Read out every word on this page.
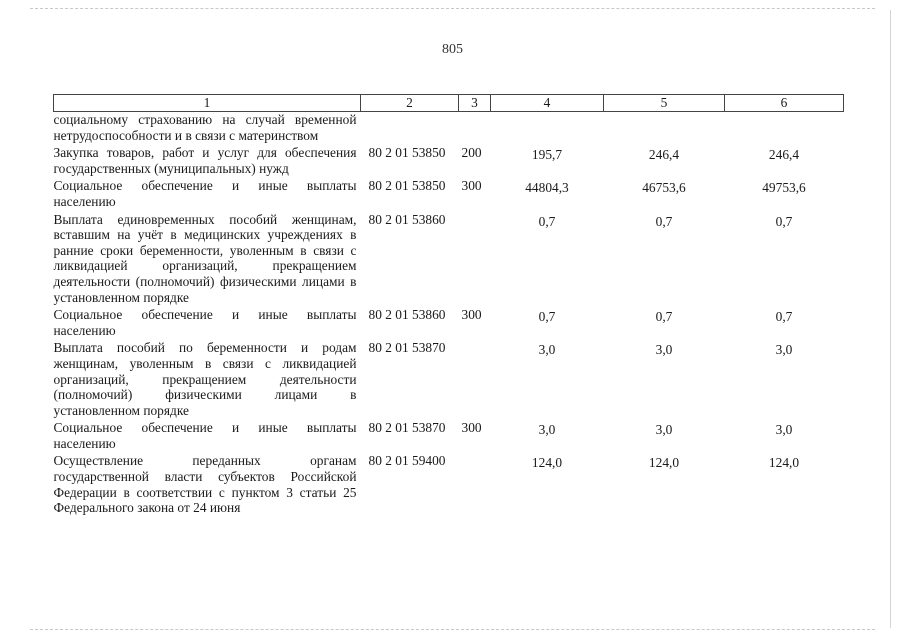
805
1	2	3	4	5	6
социальному страхованию на случай временной нетрудоспособности и в связи с материнством					
Закупка товаров, работ и услуг для обеспечения государственных (муниципальных) нужд	80 2 01 53850	200	195,7	246,4	246,4
Социальное обеспечение и иные выплаты населению	80 2 01 53850	300	44804,3	46753,6	49753,6
Выплата единовременных пособий женщинам, вставшим на учёт в медицинских учреждениях в ранние сроки беременности, уволенным в связи с ликвидацией организаций, прекращением деятельности (полномочий) физическими лицами в установленном порядке	80 2 01 53860		0,7	0,7	0,7
Социальное обеспечение и иные выплаты населению	80 2 01 53860	300	0,7	0,7	0,7
Выплата пособий по беременности и родам женщинам, уволенным в связи с ликвидацией организаций, прекращением деятельности (полномочий) физическими лицами в установленном порядке	80 2 01 53870		3,0	3,0	3,0
Социальное обеспечение и иные выплаты населению	80 2 01 53870	300	3,0	3,0	3,0
Осуществление переданных органам государственной власти субъектов Российской Федерации в соответствии с пунктом 3 статьи 25 Федерального закона от 24 июня	80 2 01 59400		124,0	124,0	124,0
